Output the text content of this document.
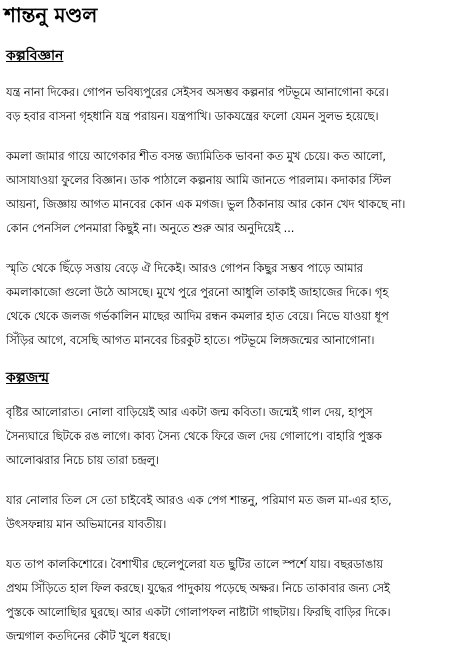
শান্তনু মণ্ডল
কল্পবিজ্ঞান
যন্ত্র নানা দিকের। গোপন ভবিষ্যপুরের সেইসব অসম্ভব কল্পনার পটভূমে আনাগোনা করে।
বড় হবার বাসনা গৃহধানি যন্ত্র পরায়ন। যন্ত্রপাখি। ডাকযন্ত্রের ফলো যেমন সুলভ হয়েছে।
কমলা জামার গায়ে আগেকার শীত বসন্ত জ্যামিতিক ভাবনা কত মুখ চেয়ে। কত আলো,
আসাযাওয়া ফুলের বিজ্ঞান। ডাক পাঠালে কল্পনায় আমি জানতে পারলাম। কদাকার স্টিল
আয়না, জিজ্ঞায় আগত মানবের কোন এক মগজ। ভুল ঠিকানায় আর কোন খেদ থাকছে না।
কোন পেনসিল পেনমারা কিছুই না। অনুতে শুরু আর অনুদিয়েই ...
স্মৃতি থেকে ছিঁড়ে সত্তায় বেড়ে ঐ দিকেই। আরও গোপন কিছুর সম্ভব পাড়ে আমার
কমলাকাজো গুলো উঠে আসছে। মুখে পুরে পুরনো আধুলি তাকাই জাহাজের দিকে। গৃহ
থেকে থেকে জলজ গর্ভকালিন মাছের আদিম রন্ধন কমলার হাত বেয়ে। নিভে যাওয়া ধূপ
সিঁড়ির আগে, বসেছি আগত মানবের চিরকুট হাতে। পটভূমে লিঙ্গজন্মের আনাগোনা।
কল্পজন্ম
বৃষ্টির আলোরাত। নোলা বাড়িয়েই আর একটা জন্ম কবিতা। জন্মেই গাল দেয়, হাপুস
সৈন্যঘারে ছিটকে রঙ লাগে। কাব্য সৈন্য থেকে ফিরে জল দেয় গোলাপে। বাহারি পুস্তক
আলোঝরার নিচে চায় তারা চন্দ্রলু।
যার নোলার তিল সে তো চাইবেই আরও এক পেগ শান্তনু, পরিমাণ মত জল মা-এর হাত,
উৎসফন্নায় মান অভিমানের যাবতীয়।
যত তাপ কালকিশোরে। বৈশাখীর ছেলেপুলেরা যত ছুটির তালে স্পর্শে যায়। বছরডাঙায়
প্রথম সিঁড়িতে হাল ফিল করছে। যুদ্ধের পাদুকায় পড়েছে অক্ষর। নিচে তাকাবার জন্য সেই
পুস্তকে আলোছাির ঘুরছে। আর একটা গোলাপফল নাষ্টাটা গাছটায়। ফিরছি বাড়ির দিকে।
জন্মগাল কতদিনের কৌট খুলে ধরছে।
